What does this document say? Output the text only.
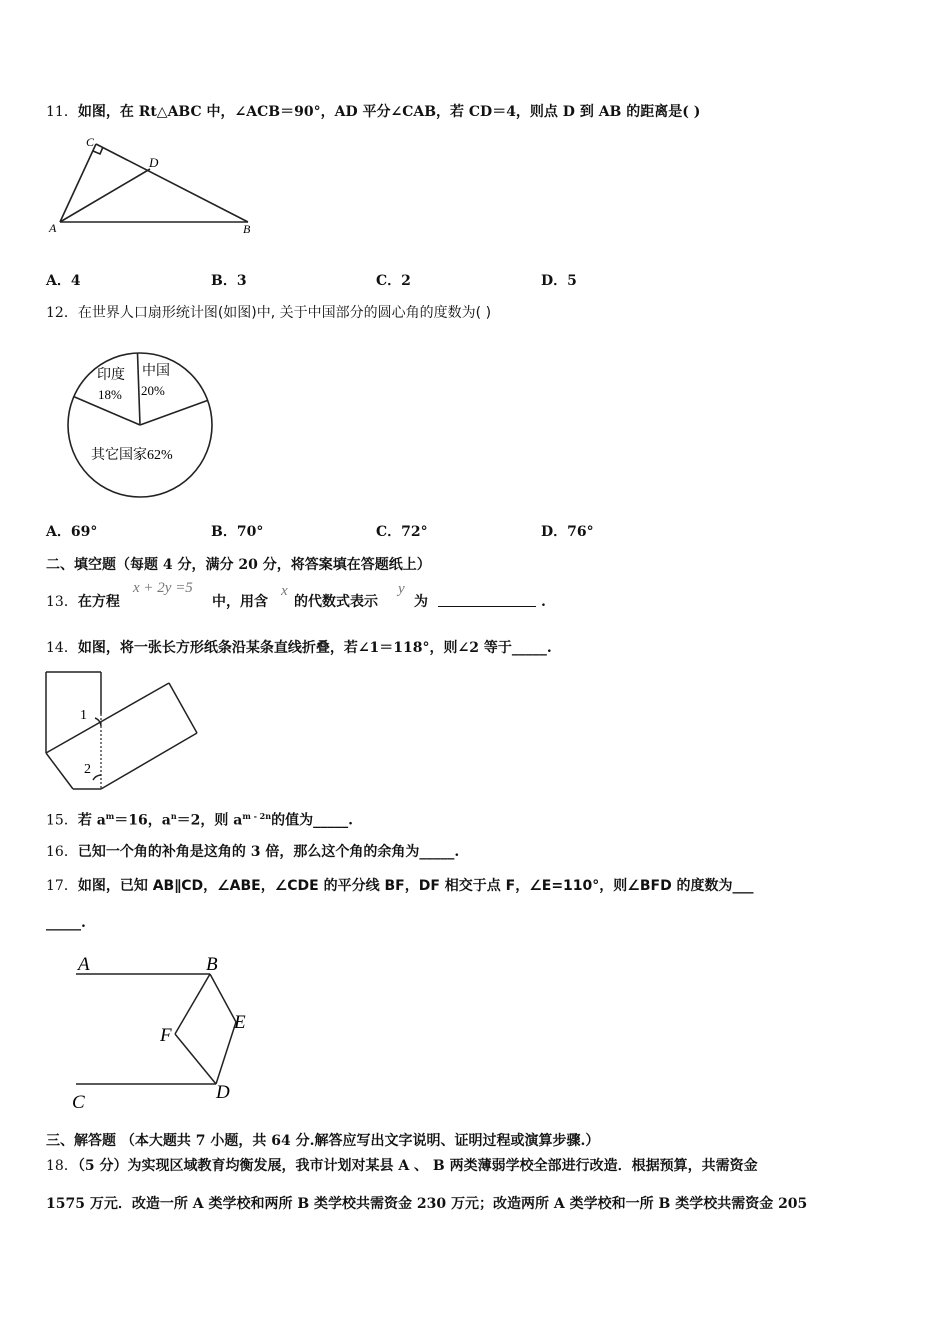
11．如图，在 Rt△ABC 中，∠ACB＝90°，AD 平分∠CAB，若 CD＝4，则点 D 到 AB 的距离是( )
C
D
A	B
A．4	B．3	C．2	D．5
12．在世界人口扇形统计图(如图)中, 关于中国部分的圆心角的度数为( )
印度
18%
中国
20%
其它国家62%
A．69°	B．70°	C．72°	D．76°
二、填空题（每题 4 分，满分 20 分，将答案填在答题纸上）
13．在方程
x + 2y =5
中，用含
x
的代数式表示
y
为	.
14．如图，将一张长方形纸条沿某条直线折叠，若∠1＝118°，则∠2 等于_____.
1
2
15．若 $a^m=16$，$a^n=2$，则 $a^{m - 2n}$的值为_____.
16．已知一个角的补角是这角的 3 倍，那么这个角的余角为_____.
17．如图，已知 AB∥CD，∠ABE，∠CDE 的平分线 BF，DF 相交于点 F，∠E=110°，则∠BFD 的度数为___
_____.
A	B
F
E
C	D
三、解答题 （本大题共 7 小题，共 64 分.解答应写出文字说明、证明过程或演算步骤.）
18．（5 分）为实现区域教育均衡发展，我市计划对某县 A 、 B 两类薄弱学校全部进行改造．根据预算，共需资金
1575 万元．改造一所 A 类学校和两所 B 类学校共需资金 230 万元；改造两所 A 类学校和一所 B 类学校共需资金 205
